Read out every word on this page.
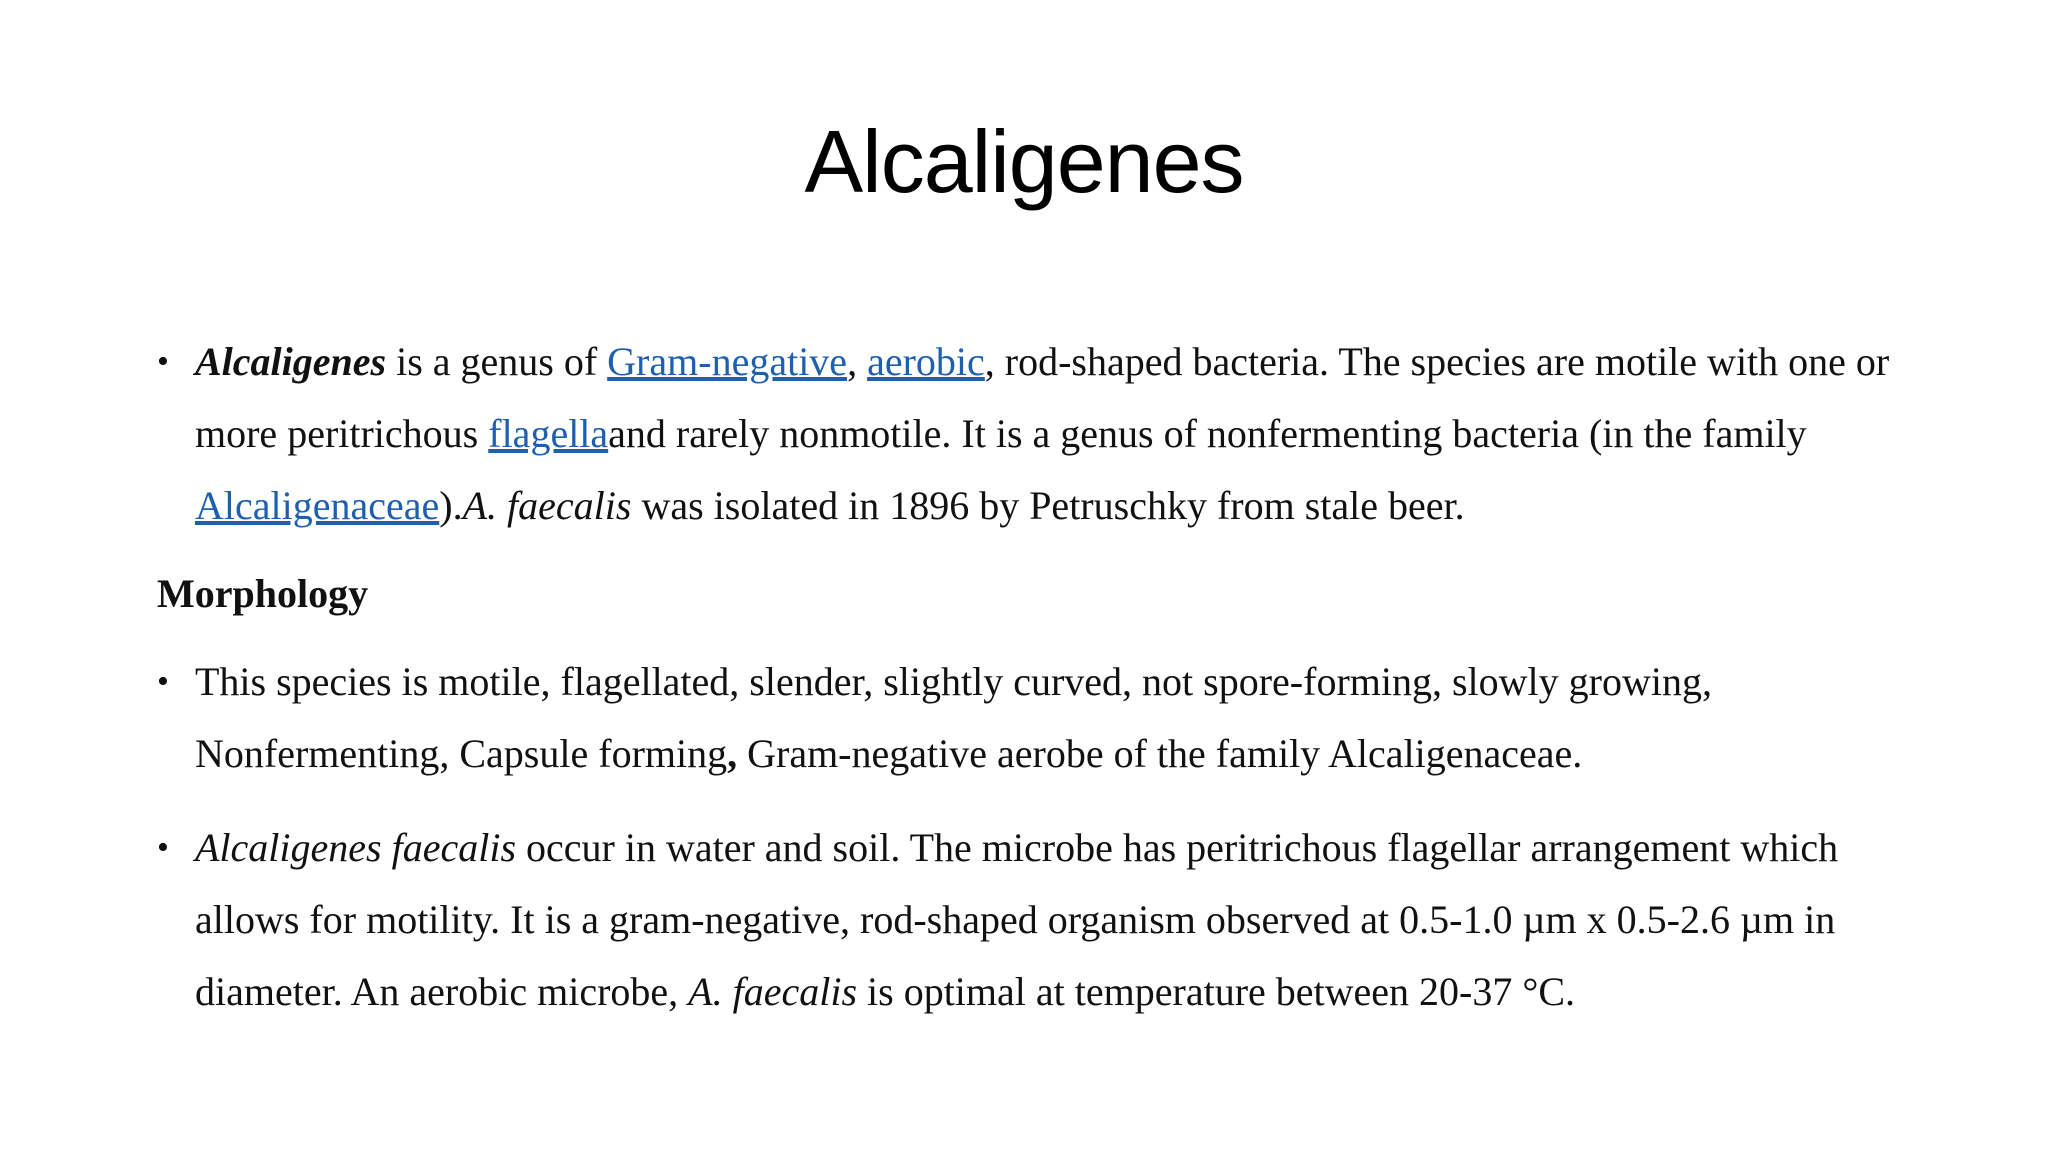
Alcaligenes

• Alcaligenes is a genus of Gram-negative, aerobic, rod-shaped bacteria. The species are motile with one or more peritrichous flagellaand rarely nonmotile. It is a genus of nonfermenting bacteria (in the family Alcaligenaceae).A. faecalis was isolated in 1896 by Petruschky from stale beer.

Morphology

• This species is motile, flagellated, slender, slightly curved, not spore-forming, slowly growing, Nonfermenting, Capsule forming, Gram-negative aerobe of the family Alcaligenaceae.

• Alcaligenes faecalis occur in water and soil. The microbe has peritrichous flagellar arrangement which allows for motility. It is a gram-negative, rod-shaped organism observed at 0.5-1.0 µm x 0.5-2.6 µm in diameter. An aerobic microbe, A. faecalis is optimal at temperature between 20-37 °C.
